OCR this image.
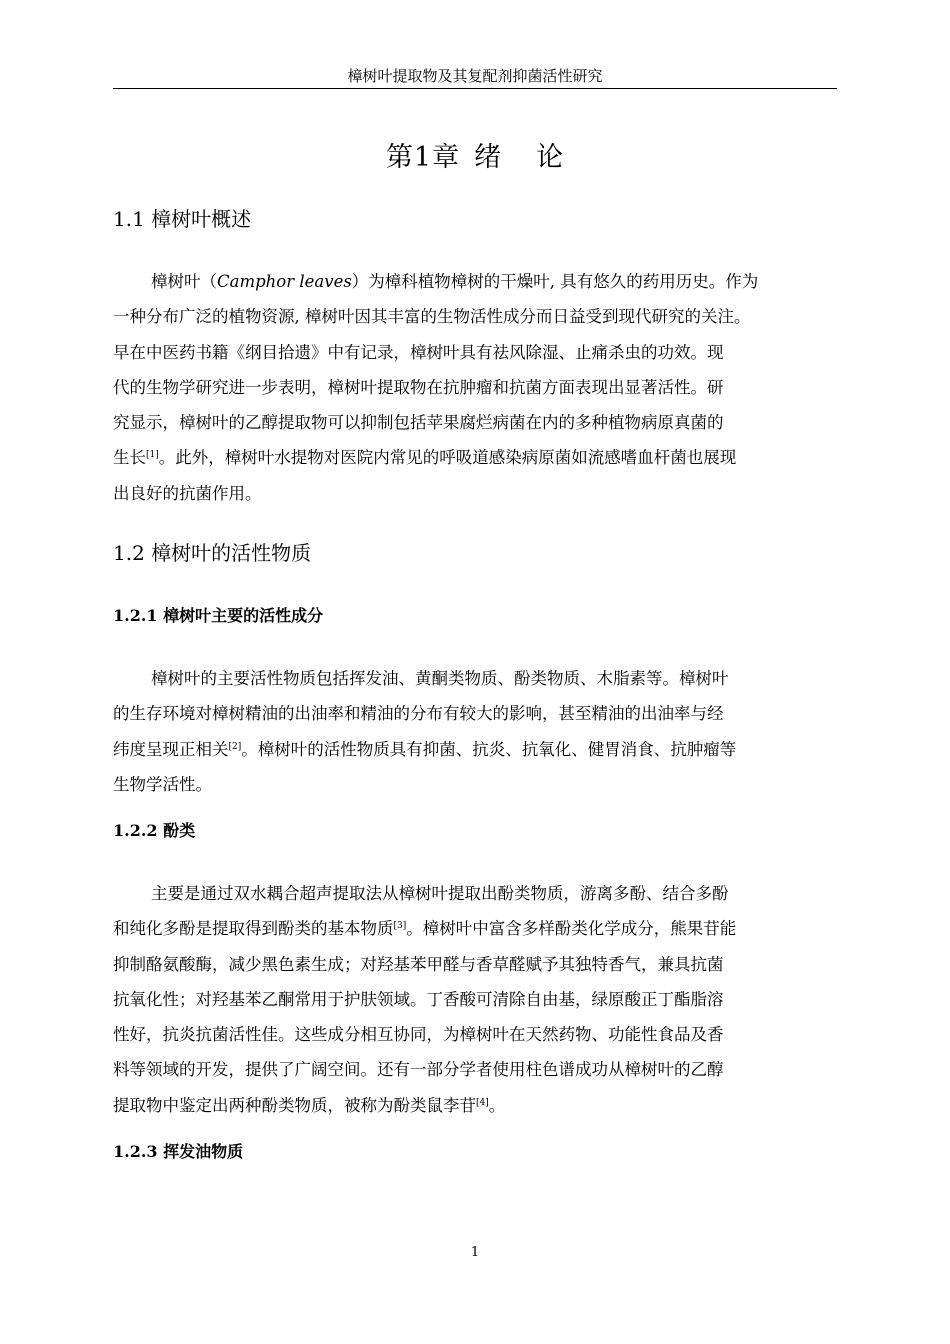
樟树叶提取物及其复配剂抑菌活性研究
第1章 绪 论
1.1 樟树叶概述
樟树叶（Camphor leaves）为樟科植物樟树的干燥叶, 具有悠久的药用历史。作为
一种分布广泛的植物资源, 樟树叶因其丰富的生物活性成分而日益受到现代研究的关注。
早在中医药书籍《纲目拾遗》中有记录，樟树叶具有祛风除湿、止痛杀虫的功效。现
代的生物学研究进一步表明，樟树叶提取物在抗肿瘤和抗菌方面表现出显著活性。研
究显示，樟树叶的乙醇提取物可以抑制包括苹果腐烂病菌在内的多种植物病原真菌的
生长[1]。此外，樟树叶水提物对医院内常见的呼吸道感染病原菌如流感嗜血杆菌也展现
出良好的抗菌作用。
1.2 樟树叶的活性物质
1.2.1 樟树叶主要的活性成分
樟树叶的主要活性物质包括挥发油、黄酮类物质、酚类物质、木脂素等。樟树叶
的生存环境对樟树精油的出油率和精油的分布有较大的影响，甚至精油的出油率与经
纬度呈现正相关[2]。樟树叶的活性物质具有抑菌、抗炎、抗氧化、健胃消食、抗肿瘤等
生物学活性。
1.2.2 酚类
主要是通过双水耦合超声提取法从樟树叶提取出酚类物质，游离多酚、结合多酚
和纯化多酚是提取得到酚类的基本物质[3]。樟树叶中富含多样酚类化学成分，熊果苷能
抑制酪氨酸酶，减少黑色素生成；对羟基苯甲醛与香草醛赋予其独特香气，兼具抗菌
抗氧化性；对羟基苯乙酮常用于护肤领域。丁香酸可清除自由基，绿原酸正丁酯脂溶
性好，抗炎抗菌活性佳。这些成分相互协同，为樟树叶在天然药物、功能性食品及香
料等领域的开发，提供了广阔空间。还有一部分学者使用柱色谱成功从樟树叶的乙醇
提取物中鉴定出两种酚类物质，被称为酚类鼠李苷[4]。
1.2.3 挥发油物质
1
